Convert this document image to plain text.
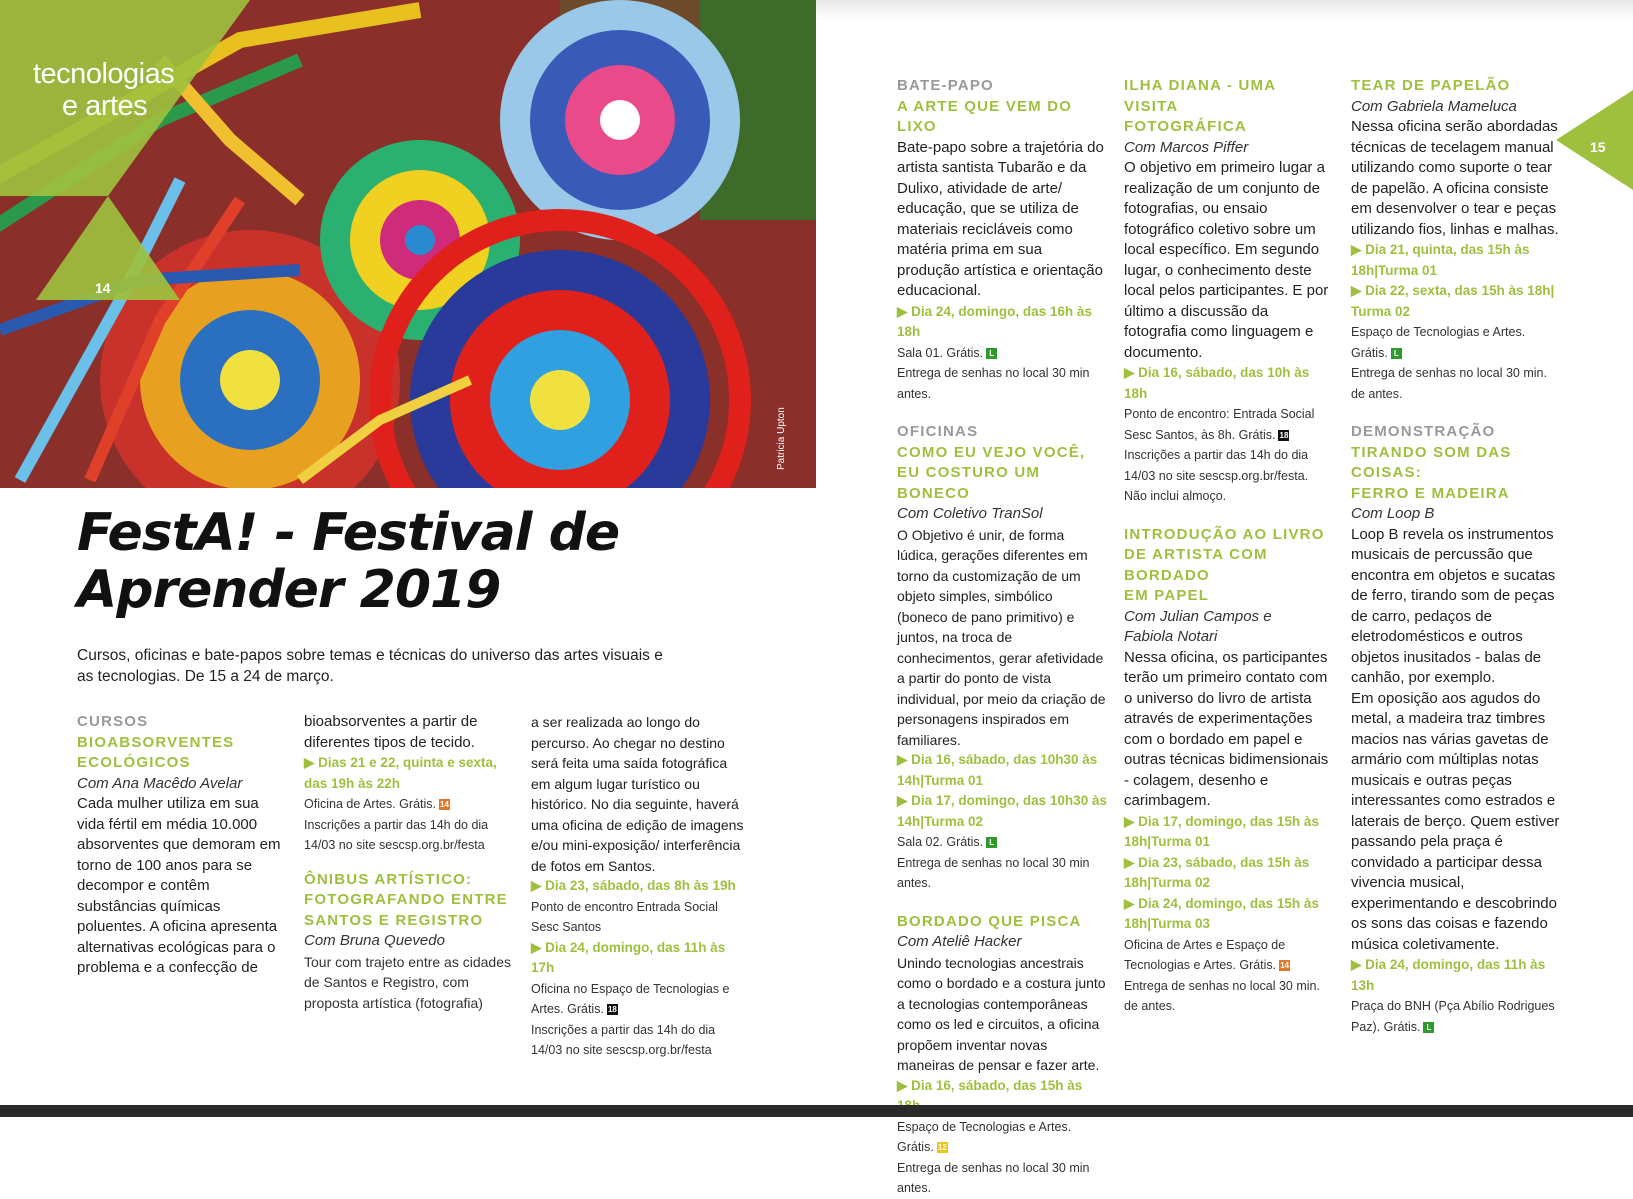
Patricia Upton
tecnologias
e artes
14
FestA! - Festival de
Aprender 2019
Cursos, oficinas e bate-papos sobre temas e técnicas do universo das artes visuais e as tecnologias. De 15 a 24 de março.
CURSOS
BIOABSORVENTES
ECOLÓGICOS
Com Ana Macêdo Avelar

Cada mulher utiliza em sua vida fértil em média 10.000 absorventes que demoram em torno de 100 anos para se decompor e contêm substâncias químicas poluentes. A oficina apresenta alternativas ecológicas para o problema e a confecção de

bioabsorventes a partir de diferentes tipos de tecido.

▶ Dias 21 e 22, quinta e sexta,
das 19h às 22h
Oficina de Artes. Grátis. 14
Inscrições a partir das 14h do dia 14/03 no site sescsp.org.br/festa
ÔNIBUS ARTÍSTICO:
FOTOGRAFANDO ENTRE
SANTOS E REGISTRO
Com Bruna Quevedo

Tour com trajeto entre as cidades de Santos e Registro, com proposta artística (fotografia)

a ser realizada ao longo do percurso. Ao chegar no destino será feita uma saída fotográfica em algum lugar turístico ou histórico. No dia seguinte, haverá uma oficina de edição de imagens e/ou mini-exposição/ interferência de fotos em Santos.

▶ Dia 23, sábado, das 8h às 19h
Ponto de encontro Entrada Social Sesc Santos
▶ Dia 24, domingo, das 11h às 17h
Oficina no Espaço de Tecnologias e Artes. Grátis. 18
Inscrições a partir das 14h do dia 14/03 no site sescsp.org.br/festa
15
BATE-PAPO
A ARTE QUE VEM DO LIXO

Bate-papo sobre a trajetória do artista santista Tubarão e da Dulixo, atividade de arte/ educação, que se utiliza de materiais recicláveis como matéria prima em sua produção artística e orientação educacional.

▶ Dia 24, domingo, das 16h às 18h
Sala 01. Grátis. L
Entrega de senhas no local 30 min antes.
OFICINAS
COMO EU VEJO VOCÊ,
EU COSTURO UM BONECO
Com Coletivo TranSol

O Objetivo é unir, de forma lúdica, gerações diferentes em torno da customização de um objeto simples, simbólico (boneco de pano primitivo) e juntos, na troca de conhecimentos, gerar afetividade a partir do ponto de vista individual, por meio da criação de personagens inspirados em familiares.

▶ Dia 16, sábado, das 10h30 às
14h|Turma 01
▶ Dia 17, domingo, das 10h30 às
14h|Turma 02
Sala 02. Grátis. L
Entrega de senhas no local 30 min antes.
BORDADO QUE PISCA
Com Ateliê Hacker

Unindo tecnologias ancestrais como o bordado e a costura junto a tecnologias contemporâneas como os led e circuitos, a oficina propõem inventar novas maneiras de pensar e fazer arte.

▶ Dia 16, sábado, das 15h às
Espaço de Tecnologias e Artes. Grátis. 12
Entrega de senhas no local 30 min antes.
ILHA DIANA - UMA VISITA
FOTOGRÁFICA
Com Marcos Piffer

O objetivo em primeiro lugar a realização de um conjunto de fotografias, ou ensaio fotográfico coletivo sobre um local específico. Em segundo lugar, o conhecimento deste local pelos participantes. E por último a discussão da fotografia como linguagem e documento.

▶ Dia 16, sábado, das 10h às 18h
Ponto de encontro: Entrada Social Sesc Santos, às 8h. Grátis. 18
Inscrições a partir das 14h do dia 14/03 no site sescsp.org.br/festa.
Não inclui almoço.
INTRODUÇÃO AO LIVRO
DE ARTISTA COM BORDADO
EM PAPEL
Com Julian Campos e
Fabiola Notari

Nessa oficina, os participantes terão um primeiro contato com o universo do livro de artista através de experimentações com o bordado em papel e outras técnicas bidimensionais - colagem, desenho e carimbagem.

▶ Dia 17, domingo, das 15h às
18h|Turma 01
▶ Dia 23, sábado, das 15h às
18h|Turma 02
▶ Dia 24, domingo, das 15h às
18h|Turma 03
Oficina de Artes e Espaço de Tecnologias e Artes. Grátis. 14
Entrega de senhas no local 30 min. de antes.
TEAR DE PAPELÃO
Com Gabriela Mameluca

Nessa oficina serão abordadas técnicas de tecelagem manual utilizando como suporte o tear de papelão. A oficina consiste em desenvolver o tear e peças utilizando fios, linhas e malhas.

▶ Dia 21, quinta, das 15h às
18h|Turma 01
▶ Dia 22, sexta, das 15h às 18h|
Turma 02
Espaço de Tecnologias e Artes. Grátis. L
Entrega de senhas no local 30 min. de antes.
DEMONSTRAÇÃO
TIRANDO SOM DAS COISAS:
FERRO E MADEIRA
Com Loop B

Loop B revela os instrumentos musicais de percussão que encontra em objetos e sucatas de ferro, tirando som de peças de carro, pedaços de eletrodomésticos e outros objetos inusitados - balas de canhão, por exemplo.

Em oposição aos agudos do metal, a madeira traz timbres macios nas várias gavetas de armário com múltiplas notas musicais e outras peças interessantes como estrados e laterais de berço. Quem estiver passando pela praça é convidado a participar dessa vivencia musical, experimentando e descobrindo os sons das coisas e fazendo música coletivamente.

▶ Dia 24, domingo, das 11h às 13h
Praça do BNH (Pça Abílio Rodrigues Paz). Grátis. L
